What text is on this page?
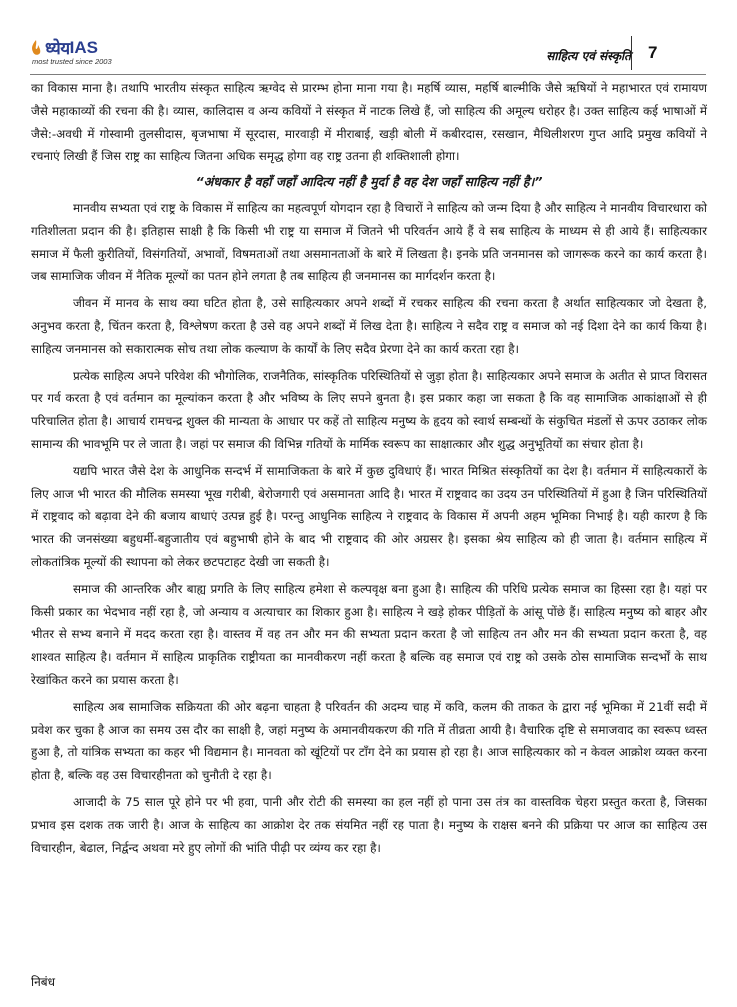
ध्येय IAS
most trusted since 2003	साहित्य एवं संस्कृति 7

का विकास माना है। तथापि भारतीय संस्कृत साहित्य ऋग्वेद से प्रारम्भ होना माना गया है। महर्षि व्यास, महर्षि बाल्मीकि जैसे ऋषियों ने महाभारत एवं रामायण जैसे महाकाव्यों की रचना की है। व्यास, कालिदास व अन्य कवियों ने संस्कृत में नाटक लिखे हैं, जो साहित्य की अमूल्य धरोहर है। उक्त साहित्य कई भाषाओं में जैसे:-अवधी में गोस्वामी तुलसीदास, बृजभाषा में सूरदास, मारवाड़ी में मीराबाई, खड़ी बोली में कबीरदास, रसखान, मैथिलीशरण गुप्त आदि प्रमुख कवियों ने रचनाएं लिखी हैं जिस राष्ट्र का साहित्य जितना अधिक समृद्ध होगा वह राष्ट्र उतना ही शक्तिशाली होगा।

“अंधकार है वहाँ जहाँ आदित्य नहीं है मुर्दा है वह देश जहाँ साहित्य नहीं है।”

मानवीय सभ्यता एवं राष्ट्र के विकास में साहित्य का महत्वपूर्ण योगदान रहा है विचारों ने साहित्य को जन्म दिया है और साहित्य ने मानवीय विचारधारा को गतिशीलता प्रदान की है। इतिहास साक्षी है कि किसी भी राष्ट्र या समाज में जितने भी परिवर्तन आये हैं वे सब साहित्य के माध्यम से ही आये हैं। साहित्यकार समाज में फैली कुरीतियों, विसंगतियों, अभावों, विषमताओं तथा असमानताओं के बारे में लिखता है। इनके प्रति जनमानस को जागरूक करने का कार्य करता है। जब सामाजिक जीवन में नैतिक मूल्यों का पतन होने लगता है तब साहित्य ही जनमानस का मार्गदर्शन करता है।

जीवन में मानव के साथ क्या घटित होता है, उसे साहित्यकार अपने शब्दों में रचकर साहित्य की रचना करता है अर्थात साहित्यकार जो देखता है, अनुभव करता है, चिंतन करता है, विश्लेषण करता है उसे वह अपने शब्दों में लिख देता है। साहित्य ने सदैव राष्ट्र व समाज को नई दिशा देने का कार्य किया है। साहित्य जनमानस को सकारात्मक सोच तथा लोक कल्याण के कार्यों के लिए सदैव प्रेरणा देने का कार्य करता रहा है।

प्रत्येक साहित्य अपने परिवेश की भौगोलिक, राजनैतिक, सांस्कृतिक परिस्थितियों से जुड़ा होता है। साहित्यकार अपने समाज के अतीत से प्राप्त विरासत पर गर्व करता है एवं वर्तमान का मूल्यांकन करता है और भविष्य के लिए सपने बुनता है। इस प्रकार कहा जा सकता है कि वह सामाजिक आकांक्षाओं से ही परिचालित होता है। आचार्य रामचन्द्र शुक्ल की मान्यता के आधार पर कहें तो साहित्य मनुष्य के हृदय को स्वार्थ सम्बन्धों के संकुचित मंडलों से ऊपर उठाकर लोक सामान्य की भावभूमि पर ले जाता है। जहां पर समाज की विभिन्न गतियों के मार्मिक स्वरूप का साक्षात्कार और शुद्ध अनुभूतियों का संचार होता है।

यद्यपि भारत जैसे देश के आधुनिक सन्दर्भ में सामाजिकता के बारे में कुछ दुविधाएं हैं। भारत मिश्रित संस्कृतियों का देश है। वर्तमान में साहित्यकारों के लिए आज भी भारत की मौलिक समस्या भूख गरीबी, बेरोजगारी एवं असमानता आदि है। भारत में राष्ट्रवाद का उदय उन परिस्थितियों में हुआ है जिन परिस्थितियों में राष्ट्रवाद को बढ़ावा देने की बजाय बाधाएं उत्पन्न हुई है। परन्तु आधुनिक साहित्य ने राष्ट्रवाद के विकास में अपनी अहम भूमिका निभाई है। यही कारण है कि भारत की जनसंख्या बहुधर्मी-बहुजातीय एवं बहुभाषी होने के बाद भी राष्ट्रवाद की ओर अग्रसर है। इसका श्रेय साहित्य को ही जाता है। वर्तमान साहित्य में लोकतांत्रिक मूल्यों की स्थापना को लेकर छटपटाहट देखी जा सकती है।

समाज की आन्तरिक और बाह्य प्रगति के लिए साहित्य हमेशा से कल्पवृक्ष बना हुआ है। साहित्य की परिधि प्रत्येक समाज का हिस्सा रहा है। यहां पर किसी प्रकार का भेदभाव नहीं रहा है, जो अन्याय व अत्याचार का शिकार हुआ है। साहित्य ने खड़े होकर पीड़ितों के आंसू पोंछे हैं। साहित्य मनुष्य को बाहर और भीतर से सभ्य बनाने में मदद करता रहा है। वास्तव में वह तन और मन की सभ्यता प्रदान करता है जो साहित्य तन और मन की सभ्यता प्रदान करता है, वह शाश्वत साहित्य है। वर्तमान में साहित्य प्राकृतिक राष्ट्रीयता का मानवीकरण नहीं करता है बल्कि वह समाज एवं राष्ट्र को उसके ठोस सामाजिक सन्दर्भों के साथ रेखांकित करने का प्रयास करता है।

साहित्य अब सामाजिक सक्रियता की ओर बढ़ना चाहता है परिवर्तन की अदम्य चाह में कवि, कलम की ताकत के द्वारा नई भूमिका में 21वीं सदी में प्रवेश कर चुका है आज का समय उस दौर का साक्षी है, जहां मनुष्य के अमानवीयकरण की गति में तीव्रता आयी है। वैचारिक दृष्टि से समाजवाद का स्वरूप ध्वस्त हुआ है, तो यांत्रिक सभ्यता का कहर भी विद्यमान है। मानवता को खूंटियों पर टाँग देने का प्रयास हो रहा है। आज साहित्यकार को न केवल आक्रोश व्यक्त करना होता है, बल्कि वह उस विचारहीनता को चुनौती दे रहा है।

आजादी के 75 साल पूरे होने पर भी हवा, पानी और रोटी की समस्या का हल नहीं हो पाना उस तंत्र का वास्तविक चेहरा प्रस्तुत करता है, जिसका प्रभाव इस दशक तक जारी है। आज के साहित्य का आक्रोश देर तक संयमित नहीं रह पाता है। मनुष्य के राक्षस बनने की प्रक्रिया पर आज का साहित्य उस विचारहीन, बेढाल, निर्द्वन्द अथवा मरे हुए लोगों की भांति पीढ़ी पर व्यंग्य कर रहा है।

निबंध
